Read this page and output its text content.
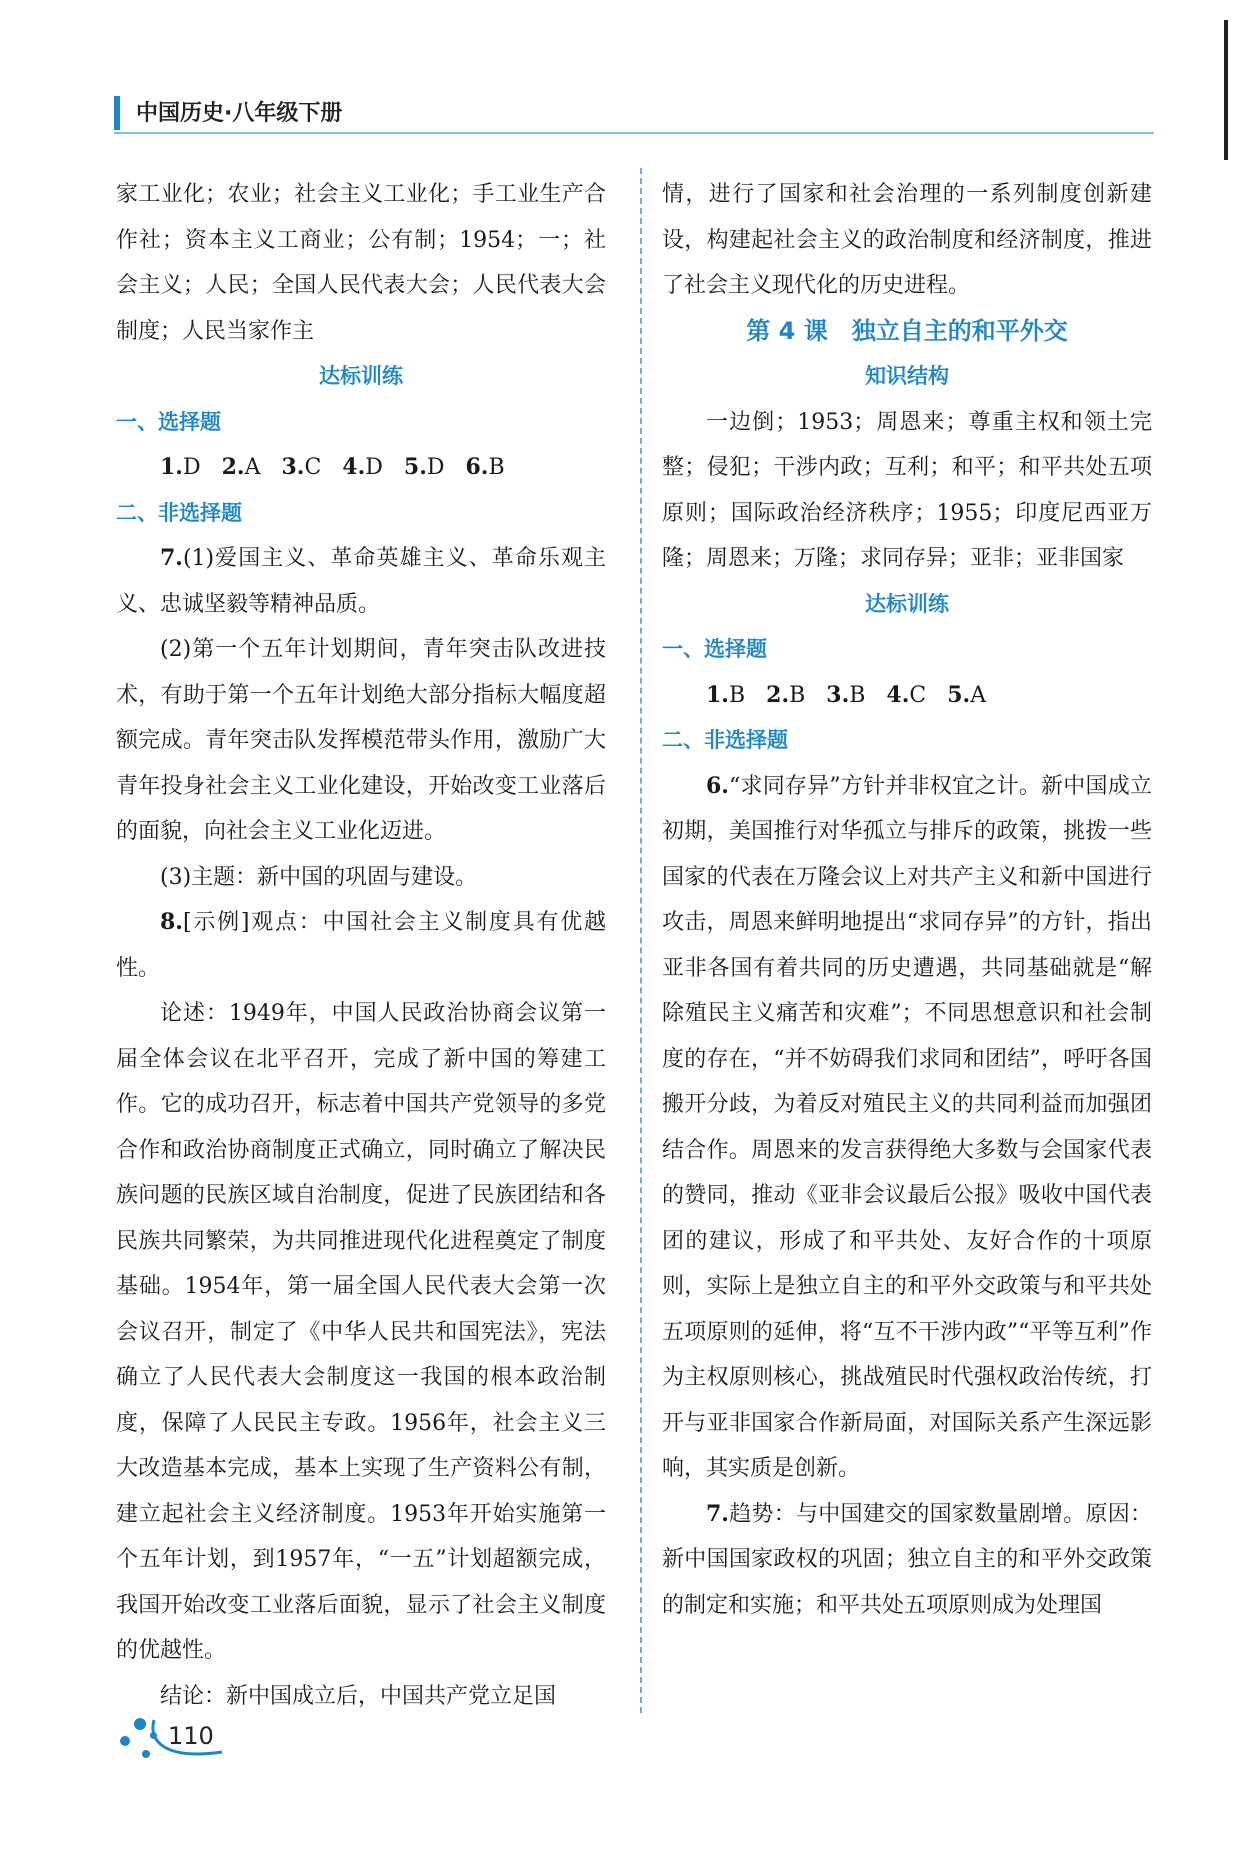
中国历史·八年级下册

家工业化；农业；社会主义工业化；手工业生产合作社；资本主义工商业；公有制；1954；一；社会主义；人民；全国人民代表大会；人民代表大会制度；人民当家作主

达标训练

一、选择题

1.D 2.A 3.C 4.D 5.D 6.B

二、非选择题

7.(1)爱国主义、革命英雄主义、革命乐观主义、忠诚坚毅等精神品质。

(2)第一个五年计划期间，青年突击队改进技术，有助于第一个五年计划绝大部分指标大幅度超额完成。青年突击队发挥模范带头作用，激励广大青年投身社会主义工业化建设，开始改变工业落后的面貌，向社会主义工业化迈进。

(3)主题：新中国的巩固与建设。

8.[示例]观点：中国社会主义制度具有优越性。

论述：1949年，中国人民政治协商会议第一届全体会议在北平召开，完成了新中国的筹建工作。它的成功召开，标志着中国共产党领导的多党合作和政治协商制度正式确立，同时确立了解决民族问题的民族区域自治制度，促进了民族团结和各民族共同繁荣，为共同推进现代化进程奠定了制度基础。1954年，第一届全国人民代表大会第一次会议召开，制定了《中华人民共和国宪法》，宪法确立了人民代表大会制度这一我国的根本政治制度，保障了人民民主专政。1956年，社会主义三大改造基本完成，基本上实现了生产资料公有制，建立起社会主义经济制度。1953年开始实施第一个五年计划，到1957年，“一五”计划超额完成，我国开始改变工业落后面貌，显示了社会主义制度的优越性。

结论：新中国成立后，中国共产党立足国

情，进行了国家和社会治理的一系列制度创新建设，构建起社会主义的政治制度和经济制度，推进了社会主义现代化的历史进程。

第 4 课　独立自主的和平外交

知识结构

一边倒；1953；周恩来；尊重主权和领土完整；侵犯；干涉内政；互利；和平；和平共处五项原则；国际政治经济秩序；1955；印度尼西亚万隆；周恩来；万隆；求同存异；亚非；亚非国家

达标训练

一、选择题

1.B 2.B 3.B 4.C 5.A

二、非选择题

6.“求同存异”方针并非权宜之计。新中国成立初期，美国推行对华孤立与排斥的政策，挑拨一些国家的代表在万隆会议上对共产主义和新中国进行攻击，周恩来鲜明地提出“求同存异”的方针，指出亚非各国有着共同的历史遭遇，共同基础就是“解除殖民主义痛苦和灾难”；不同思想意识和社会制度的存在，“并不妨碍我们求同和团结”，呼吁各国搬开分歧，为着反对殖民主义的共同利益而加强团结合作。周恩来的发言获得绝大多数与会国家代表的赞同，推动《亚非会议最后公报》吸收中国代表团的建议，形成了和平共处、友好合作的十项原则，实际上是独立自主的和平外交政策与和平共处五项原则的延伸，将“互不干涉内政”“平等互利”作为主权原则核心，挑战殖民时代强权政治传统，打开与亚非国家合作新局面，对国际关系产生深远影响，其实质是创新。

7.趋势：与中国建交的国家数量剧增。原因：新中国国家政权的巩固；独立自主的和平外交政策的制定和实施；和平共处五项原则成为处理国

110
